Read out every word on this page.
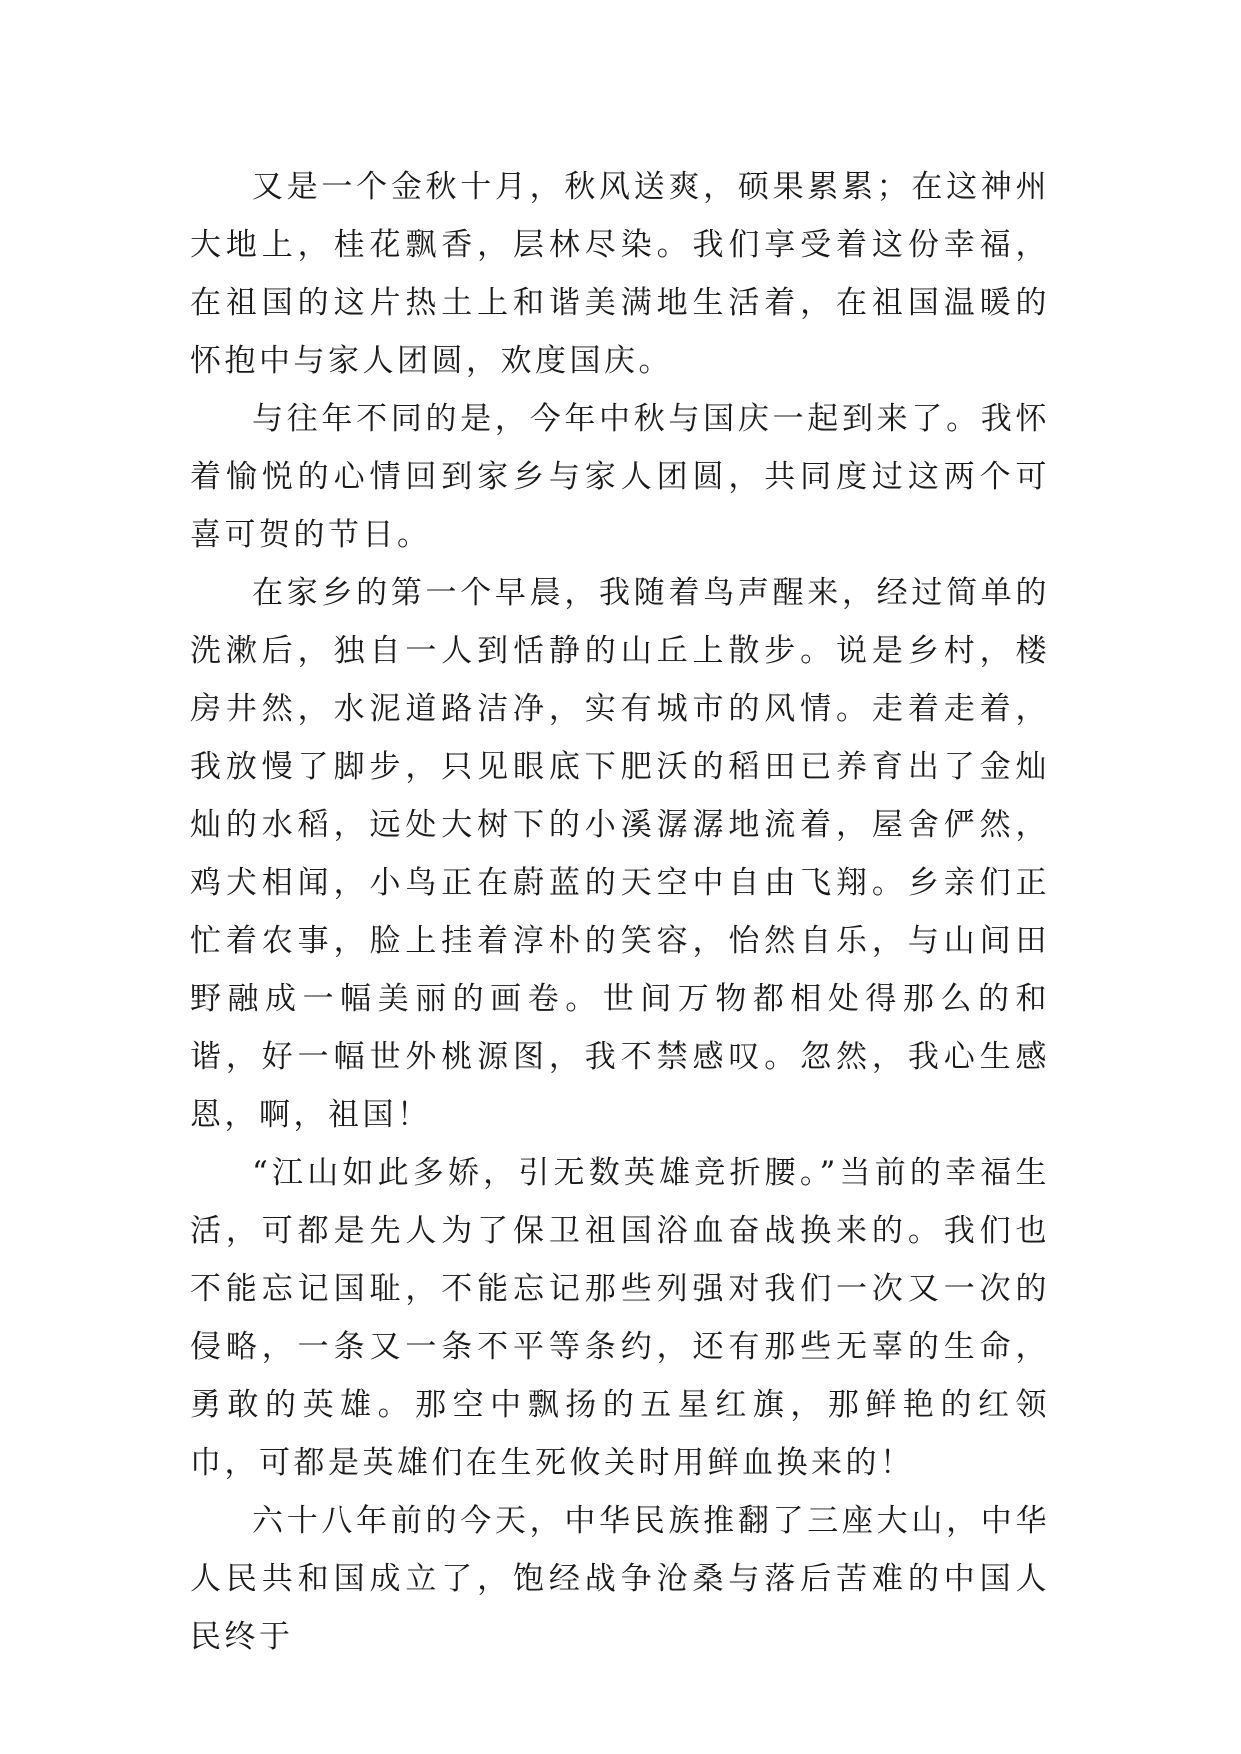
又是一个金秋十月，秋风送爽，硕果累累；在这神州大地上，桂花飘香，层林尽染。我们享受着这份幸福，在祖国的这片热土上和谐美满地生活着，在祖国温暖的怀抱中与家人团圆，欢度国庆。

与往年不同的是，今年中秋与国庆一起到来了。我怀着愉悦的心情回到家乡与家人团圆，共同度过这两个可喜可贺的节日。

在家乡的第一个早晨，我随着鸟声醒来，经过简单的洗漱后，独自一人到恬静的山丘上散步。说是乡村，楼房井然，水泥道路洁净，实有城市的风情。走着走着，我放慢了脚步，只见眼底下肥沃的稻田已养育出了金灿灿的水稻，远处大树下的小溪潺潺地流着，屋舍俨然，鸡犬相闻，小鸟正在蔚蓝的天空中自由飞翔。乡亲们正忙着农事，脸上挂着淳朴的笑容，怡然自乐，与山间田野融成一幅美丽的画卷。世间万物都相处得那么的和谐，好一幅世外桃源图，我不禁感叹。忽然，我心生感恩，啊，祖国！

“江山如此多娇，引无数英雄竞折腰。”当前的幸福生活，可都是先人为了保卫祖国浴血奋战换来的。我们也不能忘记国耻，不能忘记那些列强对我们一次又一次的侵略，一条又一条不平等条约，还有那些无辜的生命，勇敢的英雄。那空中飘扬的五星红旗，那鲜艳的红领巾，可都是英雄们在生死攸关时用鲜血换来的！

六十八年前的今天，中华民族推翻了三座大山，中华人民共和国成立了，饱经战争沧桑与落后苦难的中国人民终于
